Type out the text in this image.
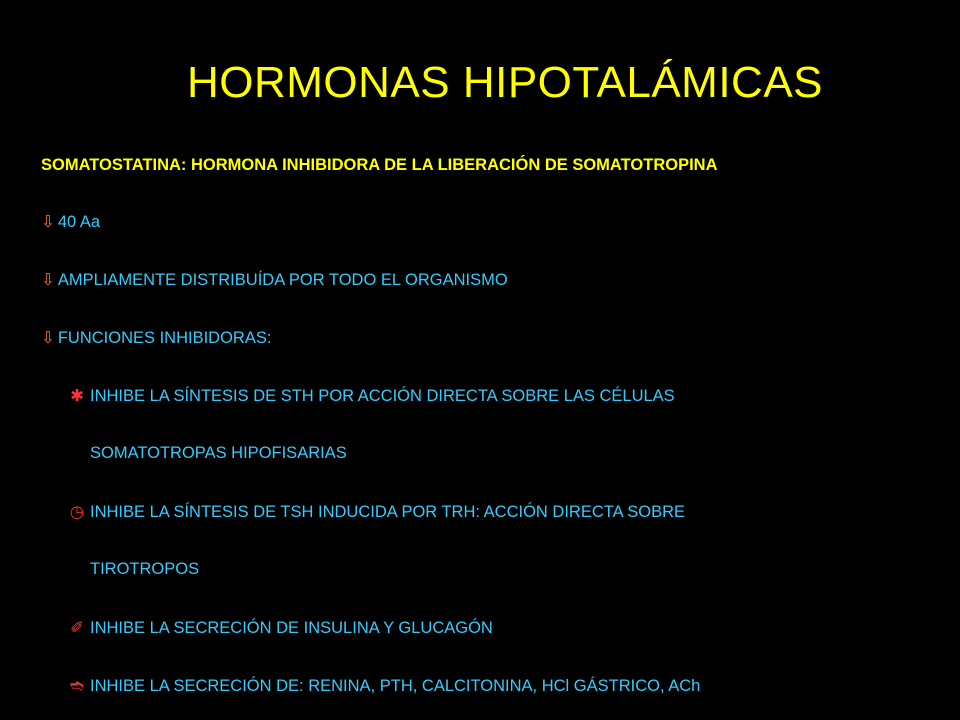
HORMONAS HIPOTALÁMICAS
SOMATOSTATINA: HORMONA INHIBIDORA DE LA LIBERACIÓN DE SOMATOTROPINA
⇩ 40 Aa
⇩ AMPLIAMENTE DISTRIBUÍDA POR TODO EL ORGANISMO
⇩ FUNCIONES INHIBIDORAS:
✱ INHIBE LA SÍNTESIS DE STH POR ACCIÓN DIRECTA SOBRE LAS CÉLULAS
SOMATOTROPAS HIPOFISARIAS
◷ INHIBE LA SÍNTESIS DE TSH INDUCIDA POR TRH: ACCIÓN DIRECTA SOBRE
TIROTROPOS
✐ INHIBE LA SECRECIÓN DE INSULINA Y GLUCAGÓN
➬ INHIBE LA SECRECIÓN DE: RENINA, PTH, CALCITONINA, HCl GÁSTRICO, ACh
